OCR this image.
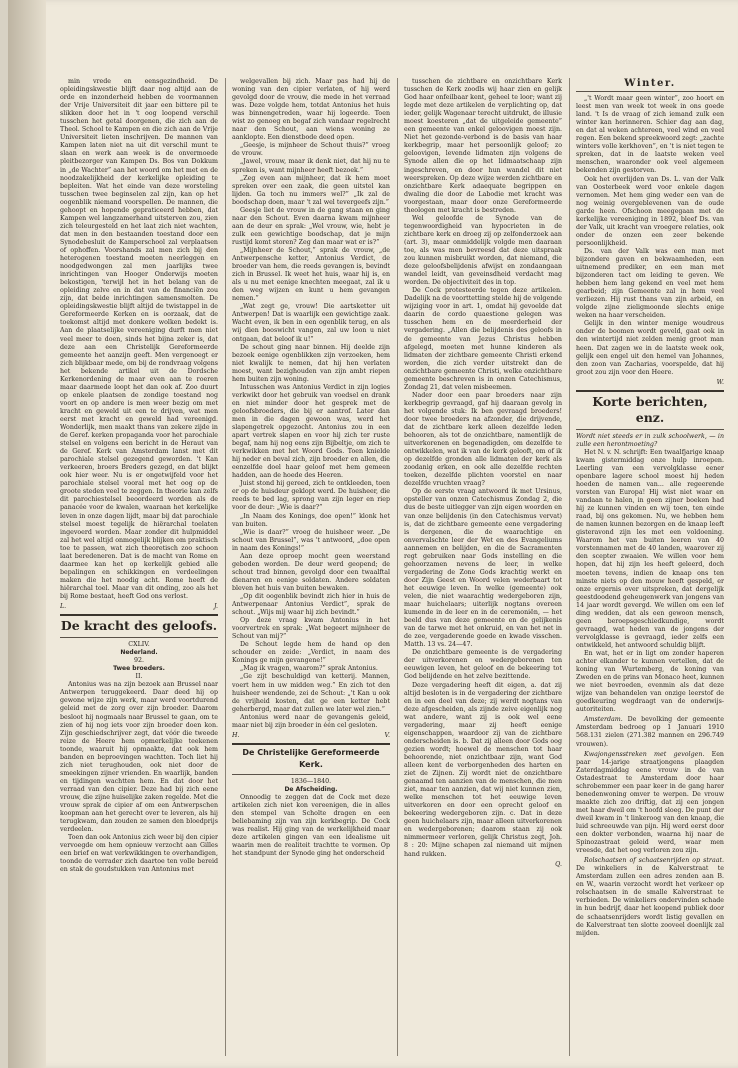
min vrede en eensgezindheid. De opleidingskwestie blijft daar nog altijd aan de orde en inzonderheid hebben de voormannen der Vrije Universiteit dit jaar een bittere pil te slikken door het in 't oog loopend verschil tusschen het getal doorgenen, die zich aan de Theol. School te Kampen en die zich aan de Vrije Universiteit lieten inschrijven. De mannen van Kampen laten niet na uit dit verschil munt te slaan en werk aan week is de onvermoede pleitbezorger van Kampen Ds. Bos van Dokkum in „de Wachter” aan het woord om het met en de noodzakelijkheid der kerkelijke opleiding te bepleiten. Wat het einde van deze worsteling tusschen twee beginselen zal zijn, kan op het oogenblik niemand voorspellen. De mannen, die gehoopt en hopende gepraticeerd hebben, dat Kampen wel langzamerhand uitsterven zou, zien zich teleurgesteld en het laat zich niet wachten, dat men in den bestaanden toestand door een Synodebesluit de Kamperschool zal verplaatsen of ophoffen. Voorshands zal men zich bij den heterogenen toestand moeten neerleggen en noodgedwongen zal men jaarlijks twee inrichtingen van Hooger Onderwijs moeten bekostigen, 'terwijl het in het belang van de opleiding zelve en in dat van de financiën zou zijn, dat beide inrichtingen samensmolten. De opleidingskwestie blijft altijd de twistappel in de Gereformeerde Kerken en is oorzaak, dat de toekomst altijd met donkere wolken bedekt is. Aan de plaatselijke vereeniging durft men niet veel meer te doen, sinds het bijna zeker is, dat deze aan een Christelijk Gereformeerde gemeente het aanzijn geeft. Men vergenoegt er zich blijkbaar mede, om bij de rondvraag volgens het bekende artikel uit de Dordsche Kerkenordening de maar even aan te roeren maar daarmede loopt het dan ook af. Zoo duurt op enkele plaatsen de zondige toestand nog voort en op andere is men weer bezig om met kracht en geweld uit een te drijven, wat men eerst met kracht en geweld had vereenigd. Wonderlijk, men maakt thans van zekere zijde in de Geref. kerken propaganda voor het parochiale stelsel en volgens een bericht in de Heraut van de Geref. Kerk van Amsterdam lanst met dit parochiale stelsel gezegend geworden. 't Kan verkeeren, broers Breders gezegd, en dat blijkt ook hier weer. Nu is er ongetwijfeld voor het parochiale stelsel vooral met het oog op de groote steden veel te zeggen. In theorie kan zelfs dit parochiestelsel beoordeerd worden als de panacée voor de kwalen, waaraan het kerkelijke leven in onze dagen lijdt, maar bij dat parochiale stelsel moest tegelijk de hiërarchal toelaten ingevoerd worden. Maar zonder dit hulpmiddel zal het wel altijd onmogelijk blijken om praktisch toe te passen, wat zich theoretisch zoo schoon laat beredeneren. Dat is de macht van Rome en daarmee kan het op kerkelijk gebied alle bepalingen en schikkingen en verdeelingen maken die het noodig acht. Rome heeft de hiërarchal toel. Maar van dit onding, zoo als het bij Rome bestaat, heeft God ons verlost.

L.	J.
De kracht des geloofs.

CXLIV.

Nederland.

92.

Twee broeders.

II.

Antonius was na zijn bezoek aan Brussel naar Antwerpen teruggekeerd. Daar deed hij op gewone wijze zijn werk, maar werd voortdurend geleid met de zorg over zijn broeder. Daarom besloot hij nogmaals naar Brussel te gaan, om te zien of hij nog iets voor zijn broeder doen kon. Zijn geschiedschrijver zegt, dat vóór die tweede reize de Heere hem opmerkelijke teekenen toonde, waaruit hij opmaakte, dat ook hem banden en beproevingen wachtten. Toch liet hij zich niet terughouden, ook niet door de smeekingen zijner vrienden. En waarlijk, banden en tijdingen wachtten hem. En dat door het verraad van den cipier. Deze had bij zich eene vrouw, die zijne huiselijke zaken regelde. Met die vrouw sprak de cipier af om een Antwerpschen koopman aan het gerecht over te leveren, als hij terugkwam, dan zouden ze samen den bloedprijs verdeelen.

Toen dan ook Antonius zich weer bij den cipier vervoegde om hem opnieuw verzocht aan Gilles een brief en wat verkwikkingen te overhandigen, toonde de verrader zich daartoe ten volle bereid en stak de goudstukken van Antonius met

welgevallen bij zich. Maar pas had hij de woning van den cipier verlaten, of hij werd gevolgd door de vrouw, die mede in het verraad was. Deze volgde hem, totdat Antonius het huis was binnengetreden, waar hij logeerde. Toen wist zo genoeg en begaf zich vandaar regelrecht naar den Schout, aan wiens woning ze aanklopte. Een dienstbode deed open.

„Geesje, is mijnheer de Schout thuis?” vroeg de vrouw.

„Jawel, vrouw, maar ik denk niet, dat hij nu te spreken is, want mijnheer heeft bezoek.”

„Zeg even aan mijnheer, dat ik hem moet spreken over een zaak, die geen uitstel kan lijden. Ga toch nu immers wel?” „Ik zal de boodschap doen, maar 't zal wel tevergeefs zijn.”

Geesje liet de vrouw in de gang staan en ging naar den Schout. Even daarna kwam mijnheer aan de deur en sprak: „Wel vrouw, wie, hebt je zulk een gewichtige boodschap, dat je mijn rustijd komt storen? Zeg dan maar wat er is?”

„Mijnheer de Schout,” sprak de vrouw, „de Antwerpensche ketter, Antonius Verdict, de broeder van hem, die reeds gevangen is, bevindt zich in Brussel. Ik weet het huis, waar hij is, en als u nu met eenige knechten meegaat, zal ik u den weg wijzen en kunt u hem gevangen nemen.”

„Wat zegt ge, vrouw! Die aartsketter uit Antwerpen! Dat is waarlijk een gewichtige zaak. Wacht even, ik ben in een ogenblik terug, en als wij dien booswicht vangen, zal uw loon u niet ontgaan, dat beloof ik u!”

De schout ging naar binnen. Hij deelde zijn bezoek eenige ogenblikken zijn verzoeken, hem niet kwalijk te nemen, dat hij hen verlaten moest, want bezighouden van zijn ambt riepen hem buiten zijn woning.

Intusschen was Antonius Verdict in zijn logies verkwikt door het gebruik van voedsel en drank en niet minder door het gesprek met de geloofsbroeders, die bij er aantrof. Later dan men in die dagen gewoon was, werd het slapengetrek opgezocht. Antonius zou in een apart vertrek slapen en voor hij zich ter ruste begaf, nam hij nog eens zijn Bijbeltje, om zich te verkwikken met het Woord Gods. Toen knielde hij neder en beval zich, zijn broeder en allen, die eenzelfde doel haar geloof met hem gemeen hadden, aan de hoede des Heeren.

Juist stond hij gereed, zich te ontkleeden, toen er op de huisdeur geklopt werd. De huisheer, die reeds te bed lag, sprong van zijn leger en riep voor de deur: „Wie is daar?”

„In Naam des Konings, doe open!” klonk het van buiten.

„Wie is daar?” vroeg de huisheer weer. „De schout van Brussel”, was 't antwoord, „doe open in naam des Konings!”

Aan deze oproep mocht geen weerstand geboden worden. De deur werd geopend; de schout trad binnen, gevolgd door een twaalftal dienaren en eenige soldaten. Andere soldaten bleven het huis van buiten bewaken.

„Op dit oogenblik bevindt zich hier in huis de Antwerpenaar Antonius Verdict”, sprak de schout. „Wijs mij waar hij zich bevindt.”

Op deze vraag kwam Antonius in het voorvertrek en sprak: „Wat begeert mijnheer de Schout van mij?”

De Schout legde hem de hand op den schouder en zeide: „Verdict, in naam des Konings ge mijn gevangene!”

„Mag ik vragen, waarom?” sprak Antonius.

„Ge zijt beschuldigd van ketterij. Mannen, voert hem in uw midden weg.” En zich tot den huisheer wendende, zei de Schout: „'t Kan u ook de vrijheid kosten, dat ge een ketter hebt geherbergd, maar dat zullen we later wel zien.”

Antonius werd naar de gevangenis geleid, maar niet bij zijn broeder in één cel gesloten.

H.	V.
De Christelijke Gereformeerde Kerk.

1836—1840.

De Afscheiding.

Onnoodig te zeggen dat de Cock met deze artikelen zich niet kon vereenigen, die in alles den stempel van Scholte dragen en een beliebaming zijn van zijn kerkbegrip. De Cock was realist. Hij ging van de werkelijkheid maar deze artikelen gingen van een idealisme uit waarin men de realiteit trachtte te vormen. Op het standpunt der Synode ging het onderscheid

tusschen de zichtbare en onzichtbare Kerk tusschen de Kerk zoodls wij haar zien en gelijk God haar onfeilbaar kent, geheel te loor; want zij legde met deze artikelen de verplichting op, dat ieder, gelijk Wagenaar terecht uitdrukt, de illusie moest koesteren „dat de uitgeleide gemeente” een gemeente van enkel geloovigen moest zijn. Niet het gezonde-verbond is de basis van haar kerkbegrip, maar het persoonlijk geloof; zo geloovigen, levende lidmaten zijn volgens de Synode allen die op het lidmaatschaap zijn ingeschreven, en door hun wandel dit niet weerspreken. Op deze wijze werden zichtbare en onzichtbare Kerk adaequate begrippen en dwaling die door de Labodie met kracht was voorgestaan, maar door onze Gereformeerde theologen met kracht is bestreden.

Wel geloofde de Synode van de tegenwoordigheid van hypocrieten in de zichtbare kerk en droeg zij op zelfonderzoek aan (art. 3), maar onmiddelijk volgde men daaraan toe, als was men bevreesd dat deze uitspraak zou kunnen misbruikt worden, dat niemand, die deze geloofsbelijdenis afwijst en zondaangaan wandel leidt, van geveinsdheid verdacht mag worden. De objectiviteit des in top.

De Cock protesteerde tegen deze artikelen. Dadelijk na de voorttetting stelde hij de volgende wijziging voor in art. 1, omdat hij gevoelde dat daarin de cordo quaestione gelegen was tusschen hem en de meerderheid der vergadering. „Allen die belijdenis des geloofs in de gemeente van Jezus Christus hebben afgelegd, moeten met hunne kinderen als lidmaten der zichtbare gemeente Christi erkend worden, die zich verder uitstrekt dan de onzichtbare gemeente Christi, welke onzichtbare gemeente beschreven is in onzen Catechismus, Zondag 21, dat velen misbeemen.

Nader door een paar broeders naar zijn kerkbegrip gevraagd, gaf hij daaraan gevolg in het volgende stuk: Ik ben gevraagd broeders! door twee broeders na afzonder, die drijvende, dat de zichtbare kerk alleen dezelfde leden behooren, als tot de onzichtbare, namentlijk de uitverkorenen en begenadigden, om dezelfde te ontwikkelen, wat ik van de kerk gelooft, om of ik op dezelfde gronden alle lidmaten der kerk als zoodanig erken, en ook alle dezelfde rechten toeken, dezelfde plichten voorstel en naar dezelfde vruchten vraag?

Op de eerste vraag antwoord ik met Ursinus, opsteller van onzen Catechismus Zondag 2, die dus de beste uitlegger van zijn eigen woorden en van onze belijdenis (in den Catechismus vervat) is, dat de zichtbare gemeente eene vergadering is dergenen, die de waarachtige en onvervalschte leer der Wet en des Evangeliums aannemen en belijden, en die de Sacramenten regt gebruiken naar Gods instelling en die gehoorzamen nevens de leer, in welke vergadering de Zone Gods krachtig werkt en door Zijn Geest en Woord velen wederbaart tot het eeuwige leven. In welke (gemeente) ook velen, die niet waarachtig wedergeboren zijn, maar huichelaars; uiterlijk nogtans overeen kumende in de leer en in de ceremoniën, — het beeld dus van deze gemeente en de gelijkenis van de tarwe met het onkruid, en van het net in de zee, vergaderende goede en kwade visschen. Matth. 13 vs. 24—47.

De onzichtbare gemeente is de vergadering der uitverkorenen en wedergeborenen ten eeuwigen leven, het geloof en de bekeering tot God belijdende en het zelve bezittende.

Deze vergadering heeft dit eigen, a. dat zij altijd besloten is in de vergadering der zichtbare en in een deel van deze; zij werdt nogtans van deze afgescheiden, als zijnde zeive eigenlijk nog wat andere, want zij is ook wel eene vergadering, maar zij heeft eenige eigenschappen, waardoor zij van de zichtbare onderscheiden is. b. Dat zij alleen door Gods oog gezien wordt; hoewel de menschen tot haar behoorende, niet onzichtbaar zijn, want God alleen kent de verborgenheden des harten en ziet de Zijnen. Zij wordt niet de onzichtbare genaamd ten aanzien van de menschen, die men ziet, maar ten aanzien, dat wij niet kunnen zien, welke menschen tot het eeuwige leven uitverkoren en door een oprecht geloof en bekeering wedergeboren zijn. c. Dat in deze geen huichelaars zijn, maar alleen uitverkorenen en wedergeborenen; daarom staan zij ook nimmermeer verloren, gelijk Christus zegt, Joh. 8 : 20: Mijne schapen zal niemand uit mijnen hand rukken.

Q.
Winter.

„'t Wordt maar geen winter”, zoo hoort en leest men van week tot week in ons goede land. 't Is de vraag of zich iemand zulk een winter kan herinneren. Schier dag aan dag, en dat al weken achtereen, veel wind en veel regen. Een bekend spreekwoord zegt: „zachte winters volle kerkhoven”, en 't is niet tegen te spreken, dat in de laatste weken veel menschen, waaronder ook veel algemeen bekenden zijn gestorven.

Ook het overlijden van Ds. L. van der Valk van Oosterbeek werd voor enkele dagen vernomen. Met hem ging weder een van de nog weinig overgeblevenen van de oude garde heen. Ofschoon meegegaan met de kerkelijke vereeniging in 1892, bleef Ds. van der Valk, uit kracht van vroegere relaties, ook onder de onzen een zeer bekende persoonlijkheid.

Ds. van der Valk was een man met bijzondere gaven en bekwaamheden, een uitnemend prediker, en een man met bijzonderen tact om leiding te geven. We hebben hem lang gekend en veel met hem gearbeid; zijn Gemeente zal in hem veel verliezen. Hij rust thans van zijn arbeid, en volgde zijne zieligmoonde slechts enige weken na haar verscheiden.

Gelijk in den winter menige woudreus onder de boomen wordt geveld, gaat ook in den wintertijd niet zelden menig groot man heen. Dat zagen we in de laatste week ook, gelijk een engel uit den hemel van Johannes, den zoon van Zacharias, voorspelde, dat hij groot zou zijn voor den Heere.

W.
Korte berichten, enz.

Wordt niet steeds er in zulk schoolwerk, — in zulle een herontmoeting?

Het N. v. N. schrijft: Een twaalfjarige knaap kwam gistermiddag onze hulp inroepen. Leerling van een vervolgklasse eener openbare lagere school moest hij heden hoeden de namen van... alle regeerende vorsten van Europa! Hij wist niet waar en vandaan te halen, in geen zijner boeken had hij ze kunnen vinden en wij toen, ten einde raad, bij ons gekomen. Nu, we hebben hem de namen kunnen bezorgen en de knaap leeft gisteravond zijn les met een voldoening. Waarom het van buiten leeren van 40 vorstennamen met de 40 landen, waarover zij den scepter zwaaien. We willen voor hem hopen, dat hij zijn les heeft geleerd, doch moeten tevens, indien de knaap ons ten minste niets op den mouw heeft gespeld, er onze ergernis over uitspreken, dat dergelijk geestdoodend geheugenwerk van jongens van 14 jaar wordt gevergd. We willen om een lef ding wedden, dat als een gewoon mensch, geen beroepsgeschiedkundige, wordt gevraagd, wat heden van de jongens der vervolgklasse is gevraagd, ieder zelfs een ontwikkeld, het antwoord schuldig blijft.

En wat, het er in ligt om zonder haperen achter elkander te kunnen vertellen, dat de koning van Wurtemberg, de koning van Zweden en de prins van Monaco heet, kunnen we niet bevroeden, evenmin als dat deze wijze van behandelen van onzige leerstof de goedkeuring wegdraagt van de onderwijs-autoriteiten.

Amsterdam. De bevolking der gemeente Amsterdam bedroeg op 1 Januari 1910 568.131 zielen (271.382 mannen en 296.749 vrouwen).

Kwajongensstreken met gevolgen. Een paar 14-jarige straatjongens plaagden Zaterdagmiddag eene vrouw in de van Ostadestraat te Amsterdam door haar schrobemmer een paar keer in de gang harer benedenwoning omver te werpen. De vrouw maakte zich zoo driftig, dat zij een jongen met haar dweil om 't hoofd sloeg. De punt der dweil kwam in 't linkeroog van den knaap, die luid schreeuwde van pijn. Hij werd eerst door een dokter verbonden, waarna hij naar de Spinozastraat geleid werd, waar men vreesde, dat het oog verloren zou zijn.

Rolschaatsen of schaatsenrijden op straat. De winkeliers in de Kalverstraat te Amsterdam zullen een adres zenden aan B. en W., waarin verzocht wordt het verkeer op rolschaatsen in de smalle Kalverstraat te verbieden. De winkeliers ondervinden schade in hun bedrijf, daar het koopend publiek door de schaatsenrijders wordt listig gevallen en de Kalverstraat ten slotte zooveel doenlijk zal mijden.
